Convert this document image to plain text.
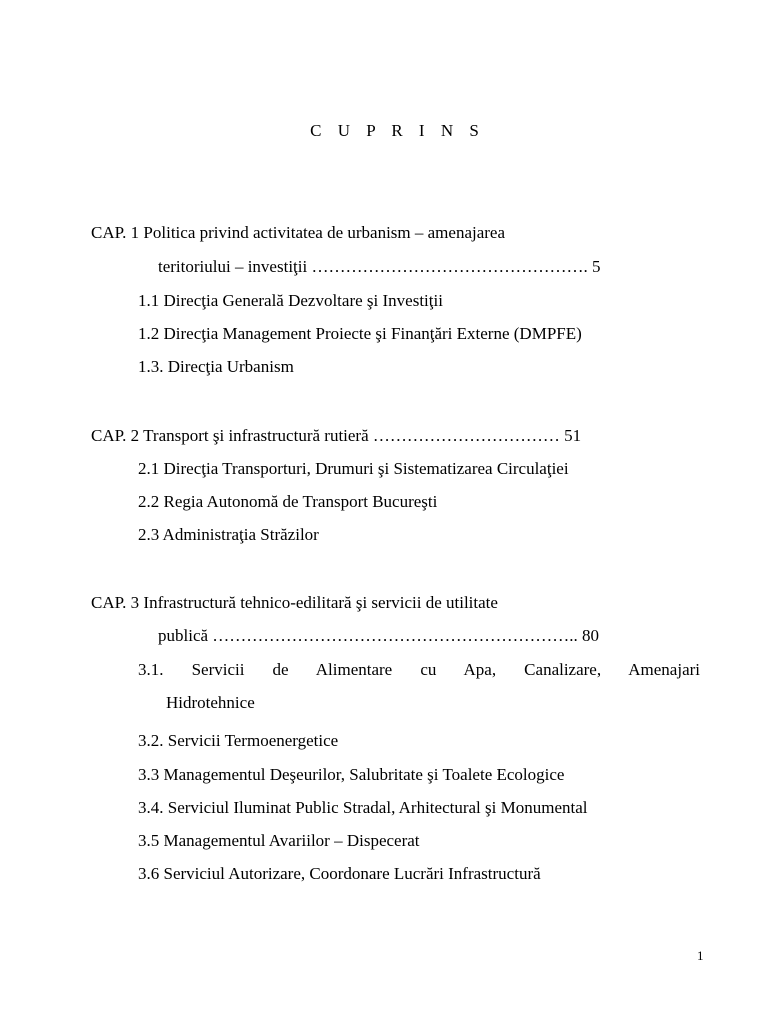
C U P R I N S
CAP. 1 Politica privind activitatea de urbanism – amenajarea
teritoriului – investiţii …………………………………………. 5
1.1 Direcţia Generală Dezvoltare şi Investiţii
1.2 Direcţia Management Proiecte şi Finanţări Externe (DMPFE)
1.3. Direcţia Urbanism
CAP. 2 Transport şi infrastructură rutieră …………………………… 51
2.1 Direcţia Transporturi, Drumuri şi Sistematizarea Circulaţiei
2.2 Regia Autonomă de Transport Bucureşti
2.3 Administraţia Străzilor
CAP. 3 Infrastructură tehnico-edilitară şi servicii de utilitate
publică ……………………………………………………….. 80
3.1. Servicii de Alimentare cu Apa, Canalizare, Amenajari
Hidrotehnice
3.2. Servicii Termoenergetice
3.3 Managementul Deşeurilor, Salubritate şi Toalete Ecologice
3.4. Serviciul Iluminat Public Stradal, Arhitectural şi Monumental
3.5 Managementul Avariilor – Dispecerat
3.6 Serviciul Autorizare, Coordonare Lucrări Infrastructură
1
